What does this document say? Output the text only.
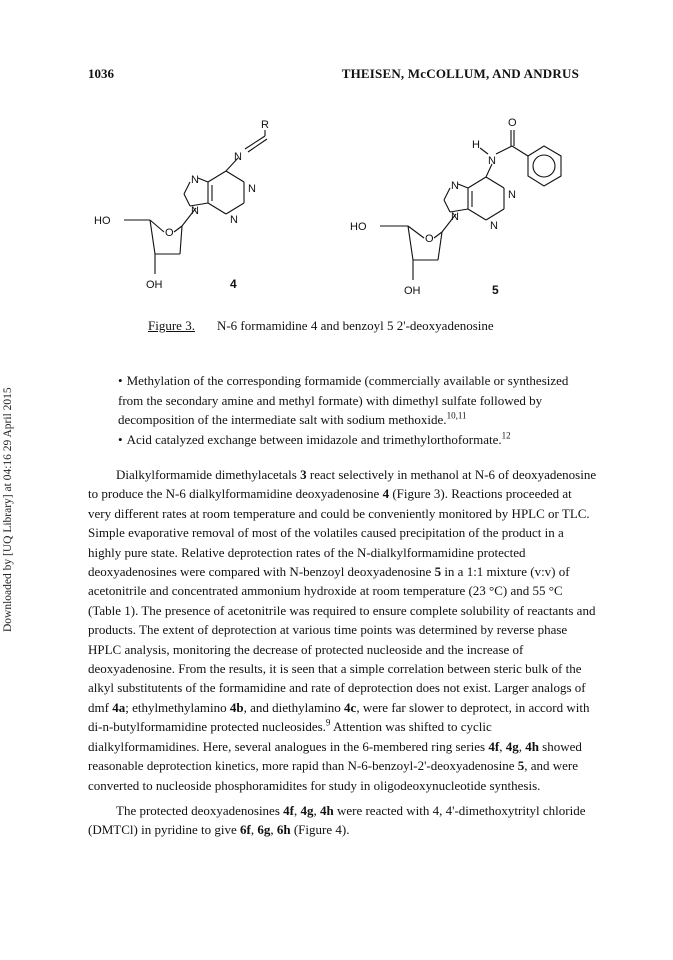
Downloaded by [UQ Library] at 04:16 29 April 2015
1036	THEISEN, McCOLLUM, AND ANDRUS
R
N
N
N
N
N
HO
O
OH	4
O
H
N
N
N
N
N
HO
O
OH	5
Figure 3. N-6 formamidine 4 and benzoyl 5 2'-deoxyadenosine

• Methylation of the corresponding formamide (commercially available or synthesized from the secondary amine and methyl formate) with dimethyl sulfate followed by decomposition of the intermediate salt with sodium methoxide.$^{10,11}$

• Acid catalyzed exchange between imidazole and trimethylorthoformate.$^{12}$

Dialkylformamide dimethylacetals 3 react selectively in methanol at N-6 of deoxyadenosine to produce the N-6 dialkylformamidine deoxyadenosine 4 (Figure 3). Reactions proceeded at very different rates at room temperature and could be conveniently monitored by HPLC or TLC. Simple evaporative removal of most of the volatiles caused precipitation of the product in a highly pure state. Relative deprotection rates of the N-dialkylformamidine protected deoxyadenosines were compared with N-benzoyl deoxyadenosine 5 in a 1:1 mixture (v:v) of acetonitrile and concentrated ammonium hydroxide at room temperature (23 °C) and 55 °C (Table 1). The presence of acetonitrile was required to ensure complete solubility of reactants and products. The extent of deprotection at various time points was determined by reverse phase HPLC analysis, monitoring the decrease of protected nucleoside and the increase of deoxyadenosine. From the results, it is seen that a simple correlation between steric bulk of the alkyl substitutents of the formamidine and rate of deprotection does not exist. Larger analogs of dmf 4a; ethylmethylamino 4b, and diethylamino 4c, were far slower to deprotect, in accord with di-n-butylformamidine protected nucleosides.$^9$ Attention was shifted to cyclic dialkylformamidines. Here, several analogues in the 6-membered ring series 4f, 4g, 4h showed reasonable deprotection kinetics, more rapid than N-6-benzoyl-2'-deoxyadenosine 5, and were converted to nucleoside phosphoramidites for study in oligodeoxynucleotide synthesis.

The protected deoxyadenosines 4f, 4g, 4h were reacted with 4, 4'-dimethoxytrityl chloride (DMTCl) in pyridine to give 6f, 6g, 6h (Figure 4).
